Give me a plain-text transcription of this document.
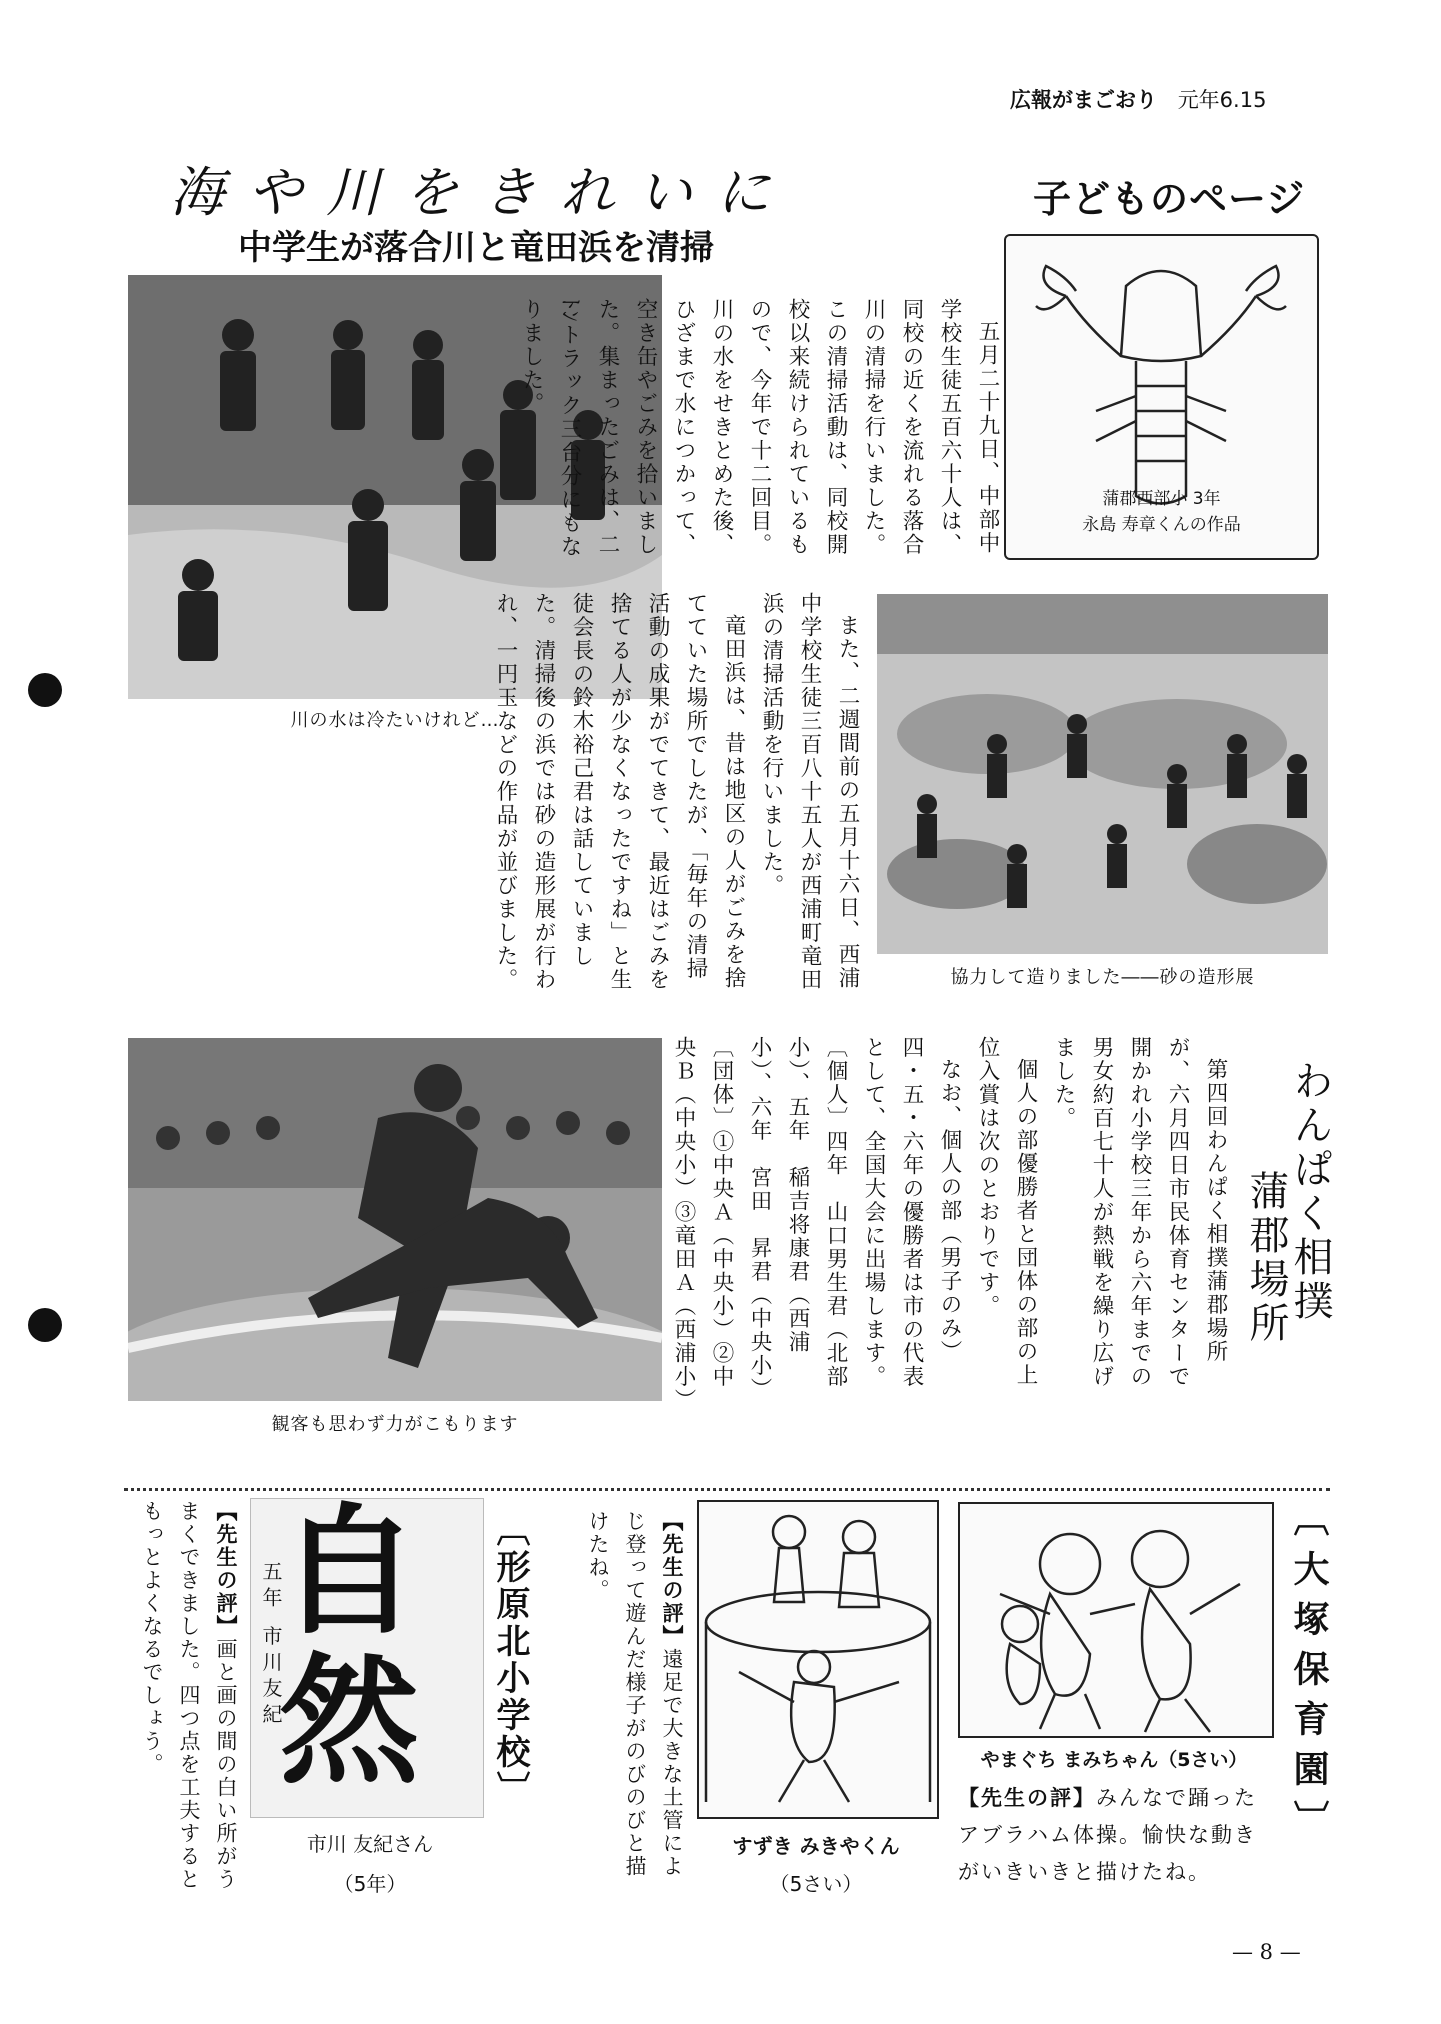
広報がまごおり 元年6.15
海や川をきれいに
中学生が落合川と竜田浜を清掃
川の水は冷たいけれど…

五月二十九日、中部中学校生徒五百六十人は、同校の近くを流れる落合川の清掃を行いました。この清掃活動は、同校開校以来続けられているもので、今年で十二回目。川の水をせきとめた後、ひざまで水につかって、空き缶やごみを拾いました。集まったごみは、二ﾄﾝトラック三台分にもなりました。

協力して造りました――砂の造形展

また、二週間前の五月十六日、西浦中学校生徒三百八十五人が西浦町竜田浜の清掃活動を行いました。

竜田浜は、昔は地区の人がごみを捨てていた場所でしたが、「毎年の清掃活動の成果がでてきて、最近はごみを捨てる人が少なくなったですね」と生徒会長の鈴木裕己君は話していました。清掃後の浜では砂の造形展が行われ、一円玉などの作品が並びました。

子どものページ
蒲郡西部小 3年
永島 寿章くんの作品
観客も思わず力がこもります

第四回わんぱく相撲蒲郡場所が、六月四日市民体育センターで開かれ小学校三年から六年までの男女約百七十人が熱戦を繰り広げました。

個人の部優勝者と団体の部の上位入賞は次のとおりです。

なお、個人の部（男子のみ）四・五・六年の優勝者は市の代表として、全国大会に出場します。

〔個人〕四年　山口男生君（北部小）、五年　稲吉将康君（西浦小）、六年　宮田　昇君（中央小）

〔団体〕①中央Ａ（中央小）②中央Ｂ（中央小）③竜田Ａ（西浦小）	わんぱく相撲
蒲郡場所
〔大塚保育園〕
やまぐち まみちゃん（5さい）
【先生の評】みんなで踊ったアブラハム体操。愉快な動きがいきいきと描けたね。
すずき みきやくん
（5さい）
【先生の評】遠足で大きな土管によじ登って遊んだ様子がのびのびと描けたね。
〔形原北小学校〕
自
然
五年 市川友紀
市川 友紀さん
（5年）
【先生の評】画と画の間の白い所がうまくできました。四つ点を工夫するともっとよくなるでしょう。
— 8 —
